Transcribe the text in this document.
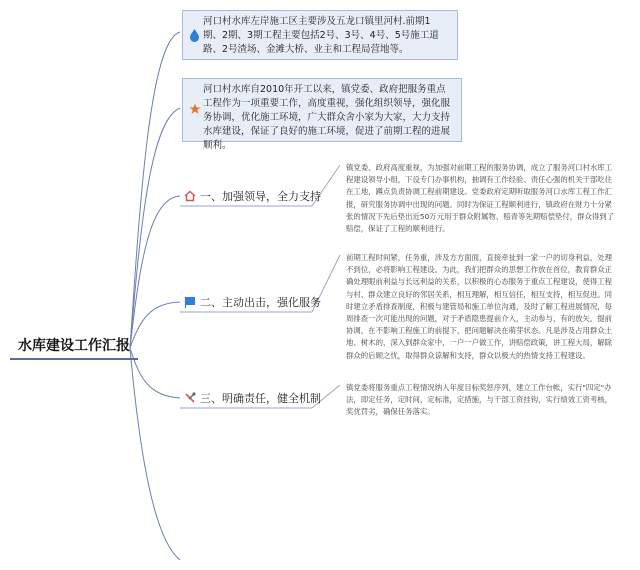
水库建设工作汇报
河口村水库左岸施工区主要涉及五龙口镇里河村.前期1期、2期、3期工程主要包括2号、3号、4号、5号施工道路、2号渣场、金滩大桥、业主和工程局营地等。
河口村水库自2010年开工以来，镇党委、政府把服务重点工程作为一项重要工作，高度重视，强化组织领导，强化服务协调，优化施工环境，广大群众舍小家为大家，大力支持水库建设，保证了良好的施工环境，促进了前期工程的进展顺利。
一、加强领导，全力支持
镇党委、政府高度重视，为加强对前期工程的服务协调，成立了服务河口村水库工程建设领导小组，下设专门办事机构，抽调有工作经验、责任心强的机关干部吃住在工地，蹲点负责协调工程前期建设。党委政府定期听取服务河口水库工程工作汇报，研究服务协调中出现的问题。同时为保证工程顺利进行，镇政府在财力十分紧张的情况下先后垫出近50万元用于群众附属物、赔青等先期赔偿垫付，群众得到了赔偿，保证了工程的顺利进行。
二、主动出击，强化服务
前期工程时间紧，任务重，涉及方方面面，直接牵扯到一家一户的切身利益，处理不到位，必将影响工程建设。为此，我们把群众的思想工作放在首位，教育群众正确处理眼前利益与长远利益的关系，以积极的心态服务于重点工程建设，使得工程与村、群众建立良好的邻居关系，相互理解，相互信任，相互支持，相互促进。同时建立矛盾排查制度，积极与建管局和施工单位沟通，及时了解工程进展情况，每周排查一次可能出现的问题，对于矛盾隐患提前介入，主动参与，有的放矢，提前协调，在不影响工程施工的前提下，把问题解决在萌芽状态。凡是涉及占用群众土地、树木的，深入到群众家中，一户一户做工作，讲赔偿政策，讲工程大局，解除群众的后顾之忧，取得群众谅解和支持，群众以极大的热情支持工程建设。
三、明确责任，健全机制
镇党委将服务重点工程情况纳入年度目标奖惩序列，建立工作台帐，实行"四定"办法，即定任务，定时间，定标准，定措施，与干部工资挂钩，实行绩效工资考核，奖优罚劣，确保任务落实。
